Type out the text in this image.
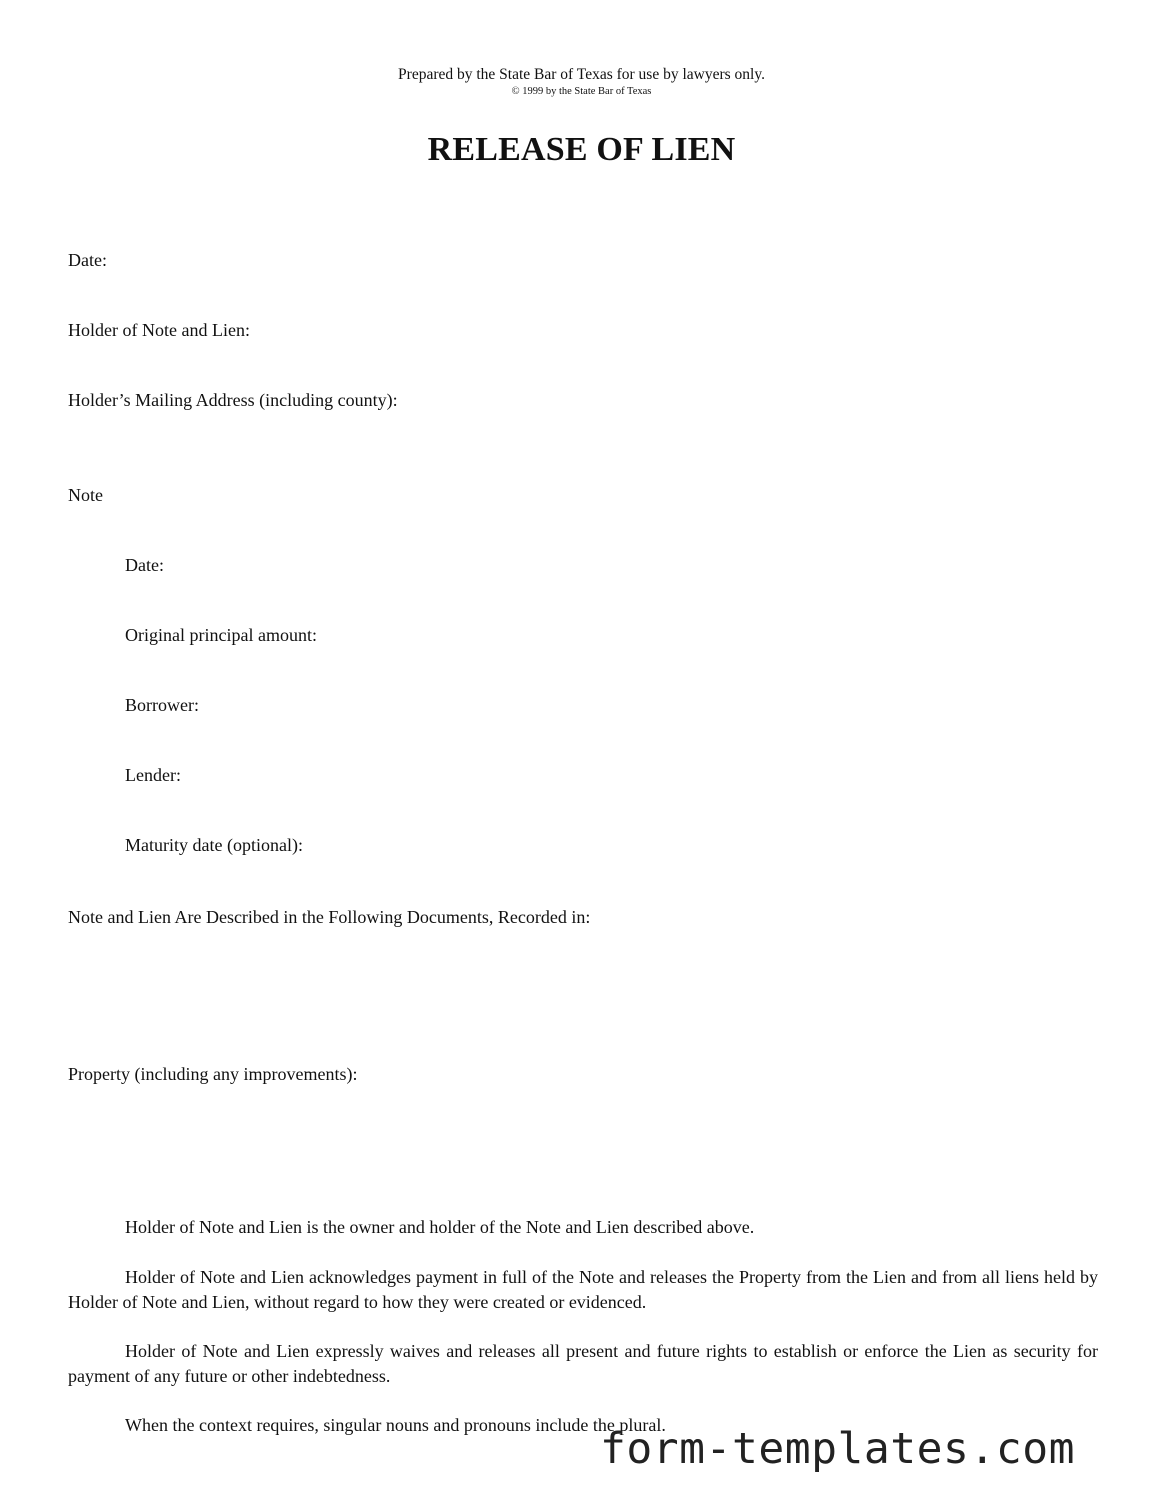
Prepared by the State Bar of Texas for use by lawyers only.
© 1999 by the State Bar of Texas
RELEASE OF LIEN
Date:
Holder of Note and Lien:
Holder’s Mailing Address (including county):
Note
Date:
Original principal amount:
Borrower:
Lender:
Maturity date (optional):
Note and Lien Are Described in the Following Documents, Recorded in:
Property (including any improvements):
Holder of Note and Lien is the owner and holder of the Note and Lien described above.
Holder of Note and Lien acknowledges payment in full of the Note and releases the Property from the Lien and from all liens held by Holder of Note and Lien, without regard to how they were created or evidenced.
Holder of Note and Lien expressly waives and releases all present and future rights to establish or enforce the Lien as security for payment of any future or other indebtedness.
When the context requires, singular nouns and pronouns include the plural.
form-templates.com
